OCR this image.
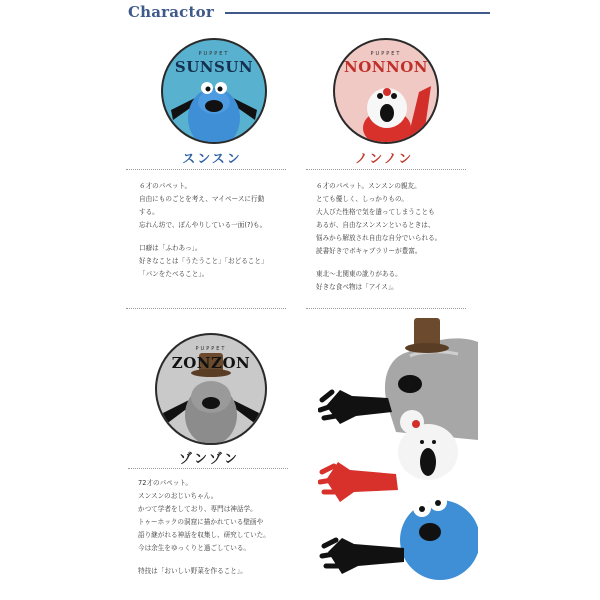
Charactor
PUPPET
SUNSUN
PUPPET
NONNON
スンスン

６才のパペット。

自由にものごとを考え、マイペースに行動

する。

忘れん坊で、ぼんやりしている一面(?)も。

口癖は「ふわあっ」。

好きなことは「うたうこと」「おどること」

「パンをたべること」。

ノンノン

６才のパペット。スンスンの親友。

とても優しく、しっかりもの。

大人びた性格で気を遣ってしまうことも

あるが、自由なスンスンといるときは、

悩みから解放され自由な自分でいられる。

読書好きでボキャブラリーが豊富。

東北～北関東の訛りがある。

好きな食べ物は「アイス」。

PUPPET
ZONZON
ゾンゾン

72才のパペット。

スンスンのおじいちゃん。

かつて学者をしており、専門は神話学。

トゥーホックの洞窟に描かれている壁画や

語り継がれる神話を収集し、研究していた。

今は余生をゆっくりと過ごしている。

特技は「おいしい野菜を作ること」。
